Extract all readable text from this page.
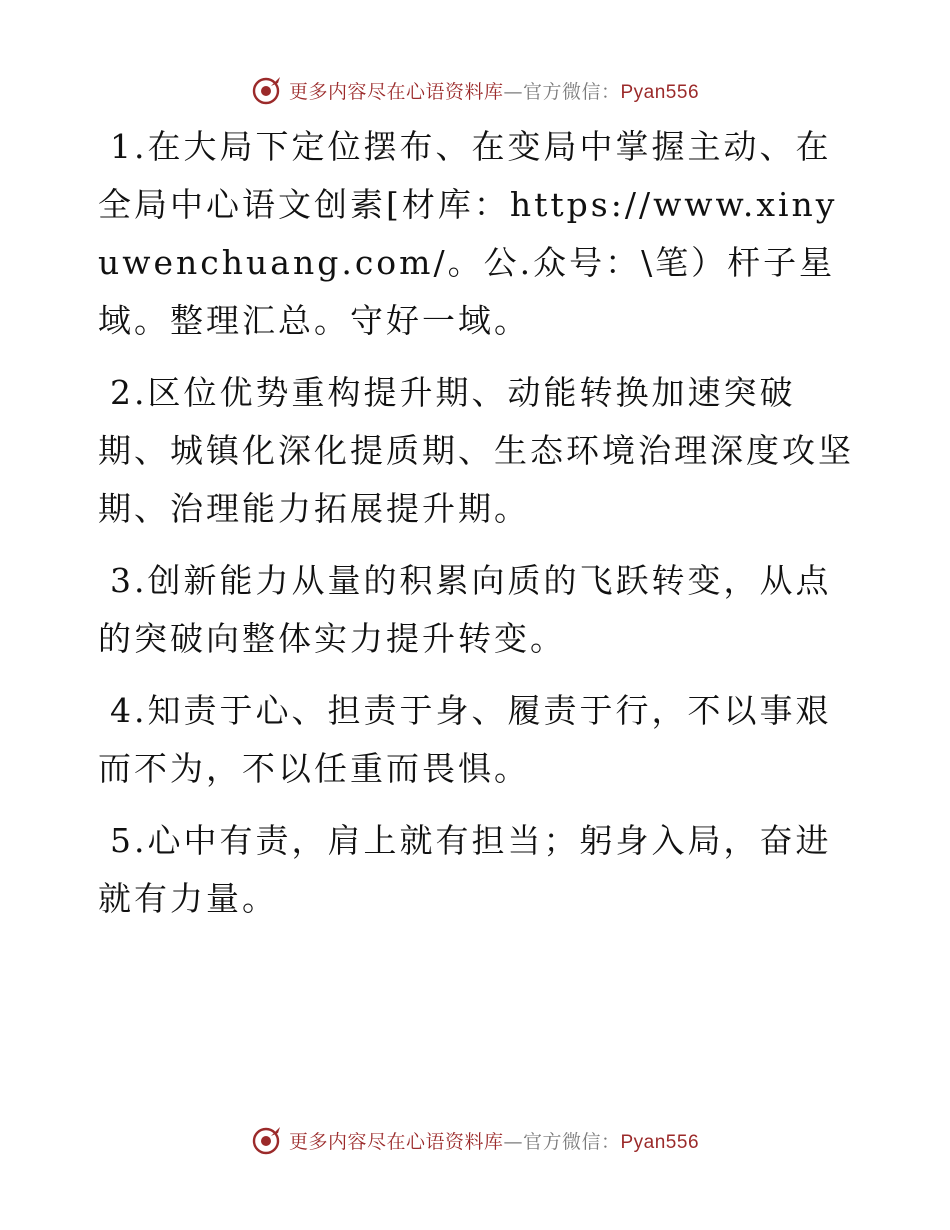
更多内容尽在心语资料库—官方微信：Pyan556

1.在大局下定位摆布、在变局中掌握主动、在全局中心语文创素[材库：https://​www.xinyuwenchuang.com/。公.众号：\笔）杆子星域。整理汇总。守好一域。

2.区位优势重构提升期、动能转换加速突破期、城镇化深化提质期、生态环境治理深度攻坚期、治理能力拓展提升期。

3.创新能力从量的积累向质的飞跃转变，从点的突破向整体实力提升转变。

4.知责于心、担责于身、履责于行，不以事艰而不为，不以任重而畏惧。

5.心中有责，肩上就有担当；躬身入局，奋进就有力量。

更多内容尽在心语资料库—官方微信：Pyan556
